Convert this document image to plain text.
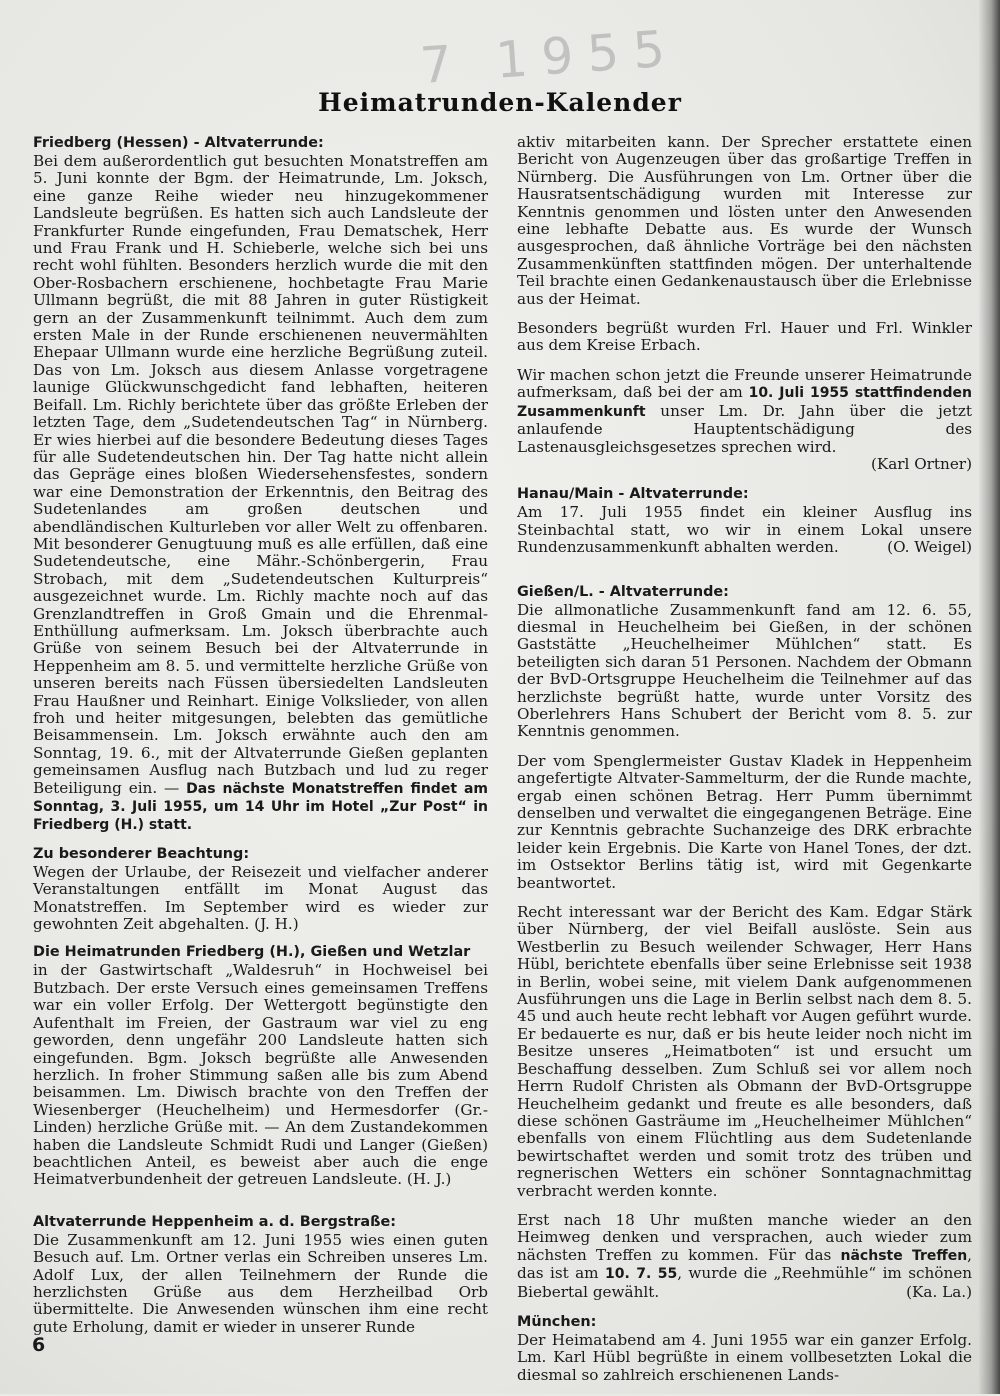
7 1955
Heimatrunden-Kalender
Friedberg (Hessen) - Altvaterrunde:

Bei dem außerordentlich gut besuchten Monatstreffen am 5. Juni konnte der Bgm. der Heimatrunde, Lm. Joksch, eine ganze Reihe wieder neu hinzugekommener Landsleute begrüßen. Es hatten sich auch Landsleute der Frankfurter Runde eingefunden, Frau Dematschek, Herr und Frau Frank und H. Schieberle, welche sich bei uns recht wohl fühlten. Besonders herzlich wurde die mit den Ober-Rosbachern erschienene, hochbetagte Frau Marie Ullmann begrüßt, die mit 88 Jahren in guter Rüstigkeit gern an der Zusammenkunft teilnimmt. Auch dem zum ersten Male in der Runde erschienenen neuvermählten Ehepaar Ullmann wurde eine herzliche Begrüßung zuteil. Das von Lm. Joksch aus diesem Anlasse vorgetragene launige Glückwunschgedicht fand lebhaften, heiteren Beifall. Lm. Richly berichtete über das größte Erleben der letzten Tage, dem „Sudetendeutschen Tag“ in Nürnberg. Er wies hierbei auf die besondere Bedeutung dieses Tages für alle Sudetendeutschen hin. Der Tag hatte nicht allein das Gepräge eines bloßen Wiedersehensfestes, sondern war eine Demonstration der Erkenntnis, den Beitrag des Sudetenlandes am großen deutschen und abendländischen Kulturleben vor aller Welt zu offenbaren. Mit besonderer Genugtuung muß es alle erfüllen, daß eine Sudetendeutsche, eine Mähr.-Schönbergerin, Frau Strobach, mit dem „Sudetendeutschen Kulturpreis“ ausgezeichnet wurde. Lm. Richly machte noch auf das Grenzlandtreffen in Groß Gmain und die Ehrenmal-Enthüllung aufmerksam. Lm. Joksch überbrachte auch Grüße von seinem Besuch bei der Altvaterrunde in Heppenheim am 8. 5. und vermittelte herzliche Grüße von unseren bereits nach Füssen übersiedelten Landsleuten Frau Haußner und Reinhart. Einige Volkslieder, von allen froh und heiter mitgesungen, belebten das gemütliche Beisammensein. Lm. Joksch erwähnte auch den am Sonntag, 19. 6., mit der Altvaterrunde Gießen geplanten gemeinsamen Ausflug nach Butzbach und lud zu reger Beteiligung ein. — Das nächste Monatstreffen findet am Sonntag, 3. Juli 1955, um 14 Uhr im Hotel „Zur Post“ in Friedberg (H.) statt.

Zu besonderer Beachtung:

Wegen der Urlaube, der Reisezeit und vielfacher anderer Veranstaltungen entfällt im Monat August das Monatstreffen. Im September wird es wieder zur gewohnten Zeit abgehalten. (J. H.)

Die Heimatrunden Friedberg (H.), Gießen und Wetzlar

in der Gastwirtschaft „Waldesruh“ in Hochweisel bei Butzbach. Der erste Versuch eines gemeinsamen Treffens war ein voller Erfolg. Der Wettergott begünstigte den Aufenthalt im Freien, der Gastraum war viel zu eng geworden, denn ungefähr 200 Landsleute hatten sich eingefunden. Bgm. Joksch begrüßte alle Anwesenden herzlich. In froher Stimmung saßen alle bis zum Abend beisammen. Lm. Diwisch brachte von den Treffen der Wiesenberger (Heuchelheim) und Hermesdorfer (Gr.-Linden) herzliche Grüße mit. — An dem Zustandekommen haben die Landsleute Schmidt Rudi und Langer (Gießen) beachtlichen Anteil, es beweist aber auch die enge Heimatverbundenheit der getreuen Landsleute. (H. J.)

Altvaterrunde Heppenheim a. d. Bergstraße:

Die Zusammenkunft am 12. Juni 1955 wies einen guten Besuch auf. Lm. Ortner verlas ein Schreiben unseres Lm. Adolf Lux, der allen Teilnehmern der Runde die herzlichsten Grüße aus dem Herzheilbad Orb übermittelte. Die Anwesenden wünschen ihm eine recht gute Erholung, damit er wieder in unserer Runde

aktiv mitarbeiten kann. Der Sprecher erstattete einen Bericht von Augenzeugen über das großartige Treffen in Nürnberg. Die Ausführungen von Lm. Ortner über die Hausratsentschädigung wurden mit Interesse zur Kenntnis genommen und lösten unter den Anwesenden eine lebhafte Debatte aus. Es wurde der Wunsch ausgesprochen, daß ähnliche Vorträge bei den nächsten Zusammenkünften stattfinden mögen. Der unterhaltende Teil brachte einen Gedankenaustausch über die Erlebnisse aus der Heimat.

Besonders begrüßt wurden Frl. Hauer und Frl. Winkler aus dem Kreise Erbach.

Wir machen schon jetzt die Freunde unserer Heimatrunde aufmerksam, daß bei der am 10. Juli 1955 stattfindenden Zusammenkunft unser Lm. Dr. Jahn über die jetzt anlaufende Hauptentschädigung des Lastenausgleichsgesetzes sprechen wird.
(Karl Ortner)

Hanau/Main - Altvaterrunde:

Am 17. Juli 1955 findet ein kleiner Ausflug ins Steinbachtal statt, wo wir in einem Lokal unsere Rundenzusammenkunft abhalten werden.	(O. Weigel)

Gießen/L. - Altvaterrunde:

Die allmonatliche Zusammenkunft fand am 12. 6. 55, diesmal in Heuchelheim bei Gießen, in der schönen Gaststätte „Heuchelheimer Mühlchen“ statt. Es beteiligten sich daran 51 Personen. Nachdem der Obmann der BvD-Ortsgruppe Heuchelheim die Teilnehmer auf das herzlichste begrüßt hatte, wurde unter Vorsitz des Oberlehrers Hans Schubert der Bericht vom 8. 5. zur Kenntnis genommen.

Der vom Spenglermeister Gustav Kladek in Heppenheim angefertigte Altvater-Sammelturm, der die Runde machte, ergab einen schönen Betrag. Herr Pumm übernimmt denselben und verwaltet die eingegangenen Beträge. Eine zur Kenntnis gebrachte Suchanzeige des DRK erbrachte leider kein Ergebnis. Die Karte von Hanel Tones, der dzt. im Ostsektor Berlins tätig ist, wird mit Gegenkarte beantwortet.

Recht interessant war der Bericht des Kam. Edgar Stärk über Nürnberg, der viel Beifall auslöste. Sein aus Westberlin zu Besuch weilender Schwager, Herr Hans Hübl, berichtete ebenfalls über seine Erlebnisse seit 1938 in Berlin, wobei seine, mit vielem Dank aufgenommenen Ausführungen uns die Lage in Berlin selbst nach dem 8. 5. 45 und auch heute recht lebhaft vor Augen geführt wurde. Er bedauerte es nur, daß er bis heute leider noch nicht im Besitze unseres „Heimatboten“ ist und ersucht um Beschaffung desselben. Zum Schluß sei vor allem noch Herrn Rudolf Christen als Obmann der BvD-Ortsgruppe Heuchelheim gedankt und freute es alle besonders, daß diese schönen Gasträume im „Heuchelheimer Mühlchen“ ebenfalls von einem Flüchtling aus dem Sudetenlande bewirtschaftet werden und somit trotz des trüben und regnerischen Wetters ein schöner Sonntagnachmittag verbracht werden konnte.

Erst nach 18 Uhr mußten manche wieder an den Heimweg denken und versprachen, auch wieder zum nächsten Treffen zu kommen. Für das nächste Treffen, das ist am 10. 7. 55, wurde die „Reehmühle“ im schönen Biebertal gewählt.	(Ka. La.)

München:

Der Heimatabend am 4. Juni 1955 war ein ganzer Erfolg. Lm. Karl Hübl begrüßte in einem vollbesetzten Lokal die diesmal so zahlreich erschienenen Lands-

6
